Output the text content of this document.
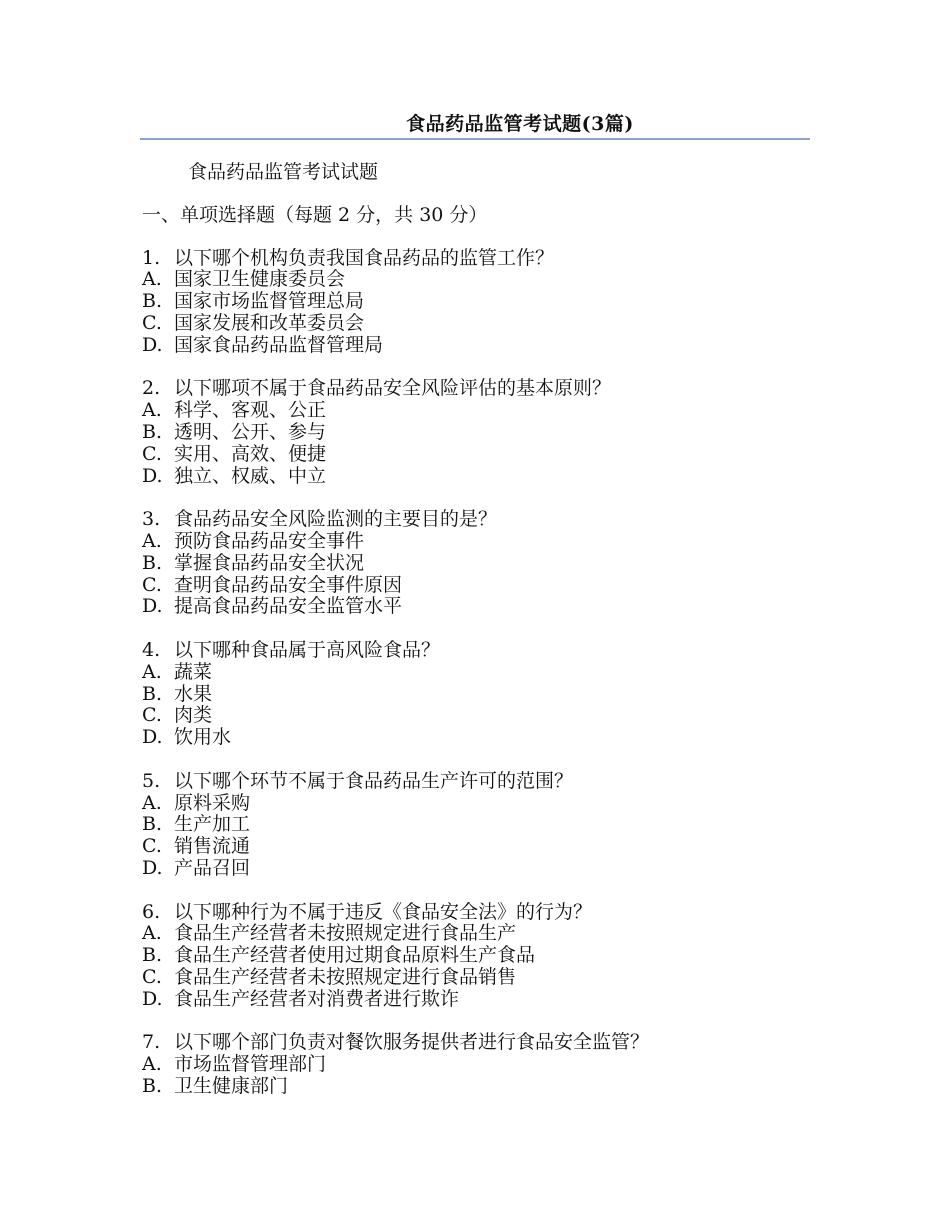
食品药品监管考试题(3篇)
食品药品监管考试试题
一、单项选择题（每题 2 分，共 30 分）
1. 以下哪个机构负责我国食品药品的监管工作？
A. 国家卫生健康委员会
B. 国家市场监督管理总局
C. 国家发展和改革委员会
D. 国家食品药品监督管理局
2. 以下哪项不属于食品药品安全风险评估的基本原则？
A. 科学、客观、公正
B. 透明、公开、参与
C. 实用、高效、便捷
D. 独立、权威、中立
3. 食品药品安全风险监测的主要目的是？
A. 预防食品药品安全事件
B. 掌握食品药品安全状况
C. 查明食品药品安全事件原因
D. 提高食品药品安全监管水平
4. 以下哪种食品属于高风险食品？
A. 蔬菜
B. 水果
C. 肉类
D. 饮用水
5. 以下哪个环节不属于食品药品生产许可的范围？
A. 原料采购
B. 生产加工
C. 销售流通
D. 产品召回
6. 以下哪种行为不属于违反《食品安全法》的行为？
A. 食品生产经营者未按照规定进行食品生产
B. 食品生产经营者使用过期食品原料生产食品
C. 食品生产经营者未按照规定进行食品销售
D. 食品生产经营者对消费者进行欺诈
7. 以下哪个部门负责对餐饮服务提供者进行食品安全监管？
A. 市场监督管理部门
B. 卫生健康部门
